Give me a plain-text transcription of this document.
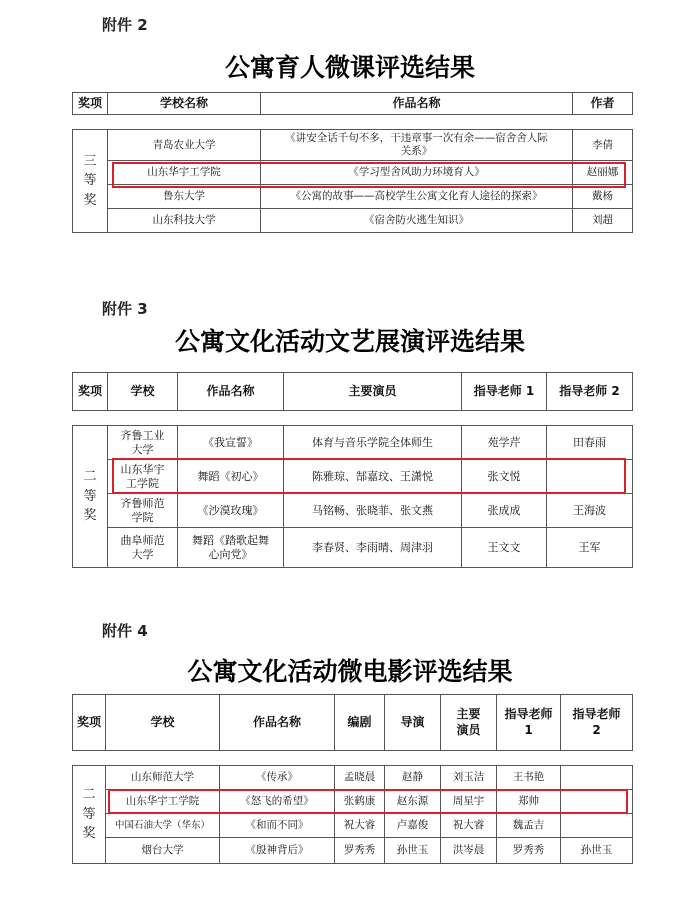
附件 2
公寓育人微课评选结果
奖项	学校名称	作品名称	作者

三等奖	青岛农业大学	《讲安全话千句不多，干违章事一次有余——宿舍舍人际关系》	李倩
	山东华宇工学院	《学习型舍风助力环境育人》	赵丽娜
	鲁东大学	《公寓的故事——高校学生公寓文化育人途径的探索》	戴杨
	山东科技大学	《宿舍防火逃生知识》	刘超
附件 3
公寓文化活动文艺展演评选结果
奖项	学校	作品名称	主要演员	指导老师 1	指导老师 2

二等奖	齐鲁工业大学	《我宣誓》	体育与音乐学院全体师生	苑学芹	田春雨
	山东华宇工学院	舞蹈《初心》	陈雅琼、郜嘉玟、王潇悦	张文悦	
	齐鲁师范学院	《沙漠玫瑰》	马铭畅、张晓菲、张文燕	张成成	王海波
	曲阜师范大学	舞蹈《踏歌起舞心向党》	李春贤、李雨晴、周津羽	王文文	王军
附件 4
公寓文化活动微电影评选结果
奖项	学校	作品名称	编剧	导演	主要演员	指导老师 1	指导老师 2

二等奖	山东师范大学	《传承》	孟晓晨	赵静	刘玉洁	王书艳	
	山东华宇工学院	《怒飞的希望》	张鹤康	赵东源	周星宇	郑帅	
	中国石油大学（华东）	《和而不同》	祝大睿	卢嘉俊	祝大睿	魏孟吉	
	烟台大学	《殷神背后》	罗秀秀	孙世玉	洪岑晨	罗秀秀	孙世玉
